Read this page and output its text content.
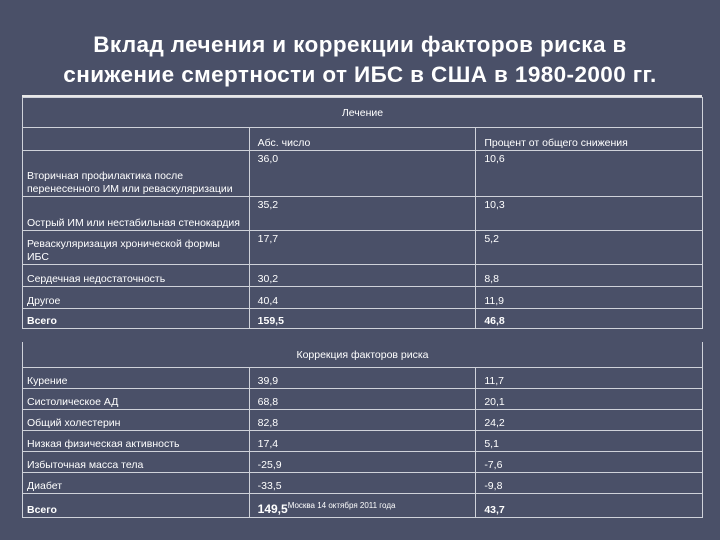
Вклад лечения и коррекции факторов риска в
снижение смертности от ИБС в США в 1980-2000 гг.
Лечение		
	Абс. число	Процент от общего снижения
Вторичная профилактика после перенесенного ИМ или реваскуляризации	36,0	10,6
Острый ИМ или нестабильная стенокардия	35,2	10,3
Реваскуляризация хронической формы ИБС	17,7	5,2
Сердечная недостаточность	30,2	8,8
Другое	40,4	11,9
Всего	159,5	46,8
Коррекция факторов риска		
Курение	39,9	11,7
Систолическое АД	68,8	20,1
Общий холестерин	82,8	24,2
Низкая физическая активность	17,4	5,1
Избыточная масса тела	-25,9	-7,6
Диабет	-33,5	-9,8
Всего	149,5$^{Москва 14 октября 2011 года}$	43,7
